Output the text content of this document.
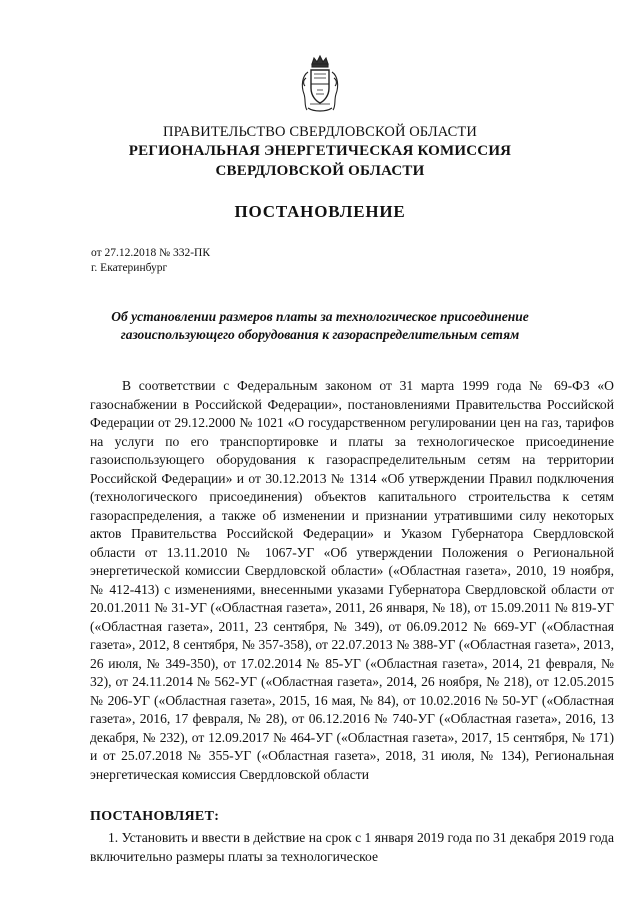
ПРАВИТЕЛЬСТВО СВЕРДЛОВСКОЙ ОБЛАСТИ
РЕГИОНАЛЬНАЯ ЭНЕРГЕТИЧЕСКАЯ КОМИССИЯ
СВЕРДЛОВСКОЙ ОБЛАСТИ
ПОСТАНОВЛЕНИЕ
от 27.12.2018 № 332-ПК
г. Екатеринбург
Об установлении размеров платы за технологическое присоединение газоиспользующего оборудования к газораспределительным сетям

В соответствии с Федеральным законом от 31 марта 1999 года № 69-ФЗ «О газоснабжении в Российской Федерации», постановлениями Правительства Российской Федерации от 29.12.2000 № 1021 «О государственном регулировании цен на газ, тарифов на услуги по его транспортировке и платы за технологическое присоединение газоиспользующего оборудования к газораспределительным сетям на территории Российской Федерации» и от 30.12.2013 № 1314 «Об утверждении Правил подключения (технологического присоединения) объектов капитального строительства к сетям газораспределения, а также об изменении и признании утратившими силу некоторых актов Правительства Российской Федерации» и Указом Губернатора Свердловской области от 13.11.2010 № 1067-УГ «Об утверждении Положения о Региональной энергетической комиссии Свердловской области» («Областная газета», 2010, 19 ноября, № 412-413) с изменениями, внесенными указами Губернатора Свердловской области от 20.01.2011 № 31-УГ («Областная газета», 2011, 26 января, № 18), от 15.09.2011 № 819-УГ («Областная газета», 2011, 23 сентября, № 349), от 06.09.2012 № 669-УГ («Областная газета», 2012, 8 сентября, № 357-358), от 22.07.2013 № 388-УГ («Областная газета», 2013, 26 июля, № 349-350), от 17.02.2014 № 85-УГ («Областная газета», 2014, 21 февраля, № 32), от 24.11.2014 № 562-УГ («Областная газета», 2014, 26 ноября, № 218), от 12.05.2015 № 206-УГ («Областная газета», 2015, 16 мая, № 84), от 10.02.2016 № 50-УГ («Областная газета», 2016, 17 февраля, № 28), от 06.12.2016 № 740-УГ («Областная газета», 2016, 13 декабря, № 232), от 12.09.2017 № 464-УГ («Областная газета», 2017, 15 сентября, № 171) и от 25.07.2018 № 355-УГ («Областная газета», 2018, 31 июля, № 134), Региональная энергетическая комиссия Свердловской области

ПОСТАНОВЛЯЕТ:

1. Установить и ввести в действие на срок с 1 января 2019 года по 31 декабря 2019 года включительно размеры платы за технологическое
